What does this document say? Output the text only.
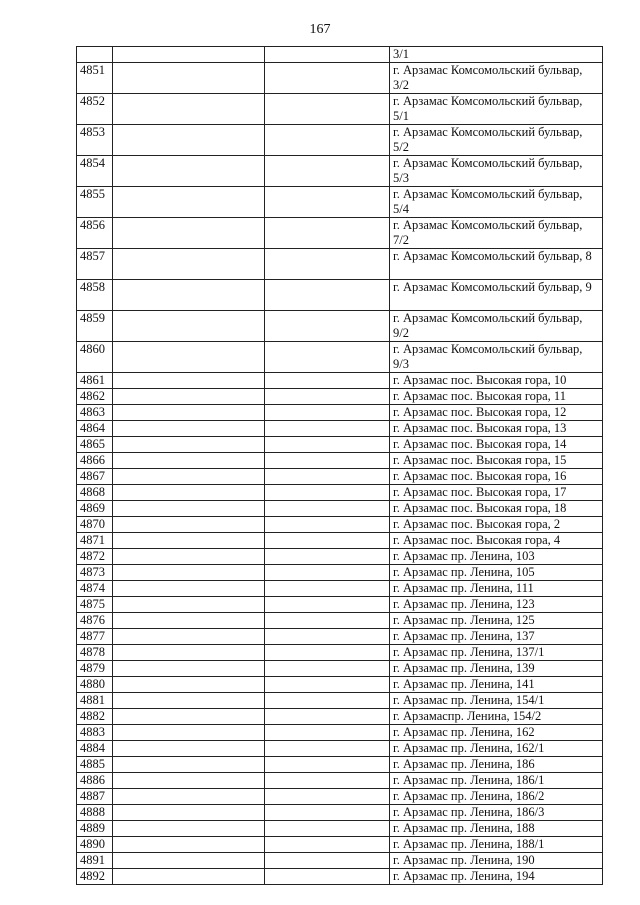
167
			3/1
4851			г. Арзамас Комсомольский бульвар, 3/2
4852			г. Арзамас Комсомольский бульвар, 5/1
4853			г. Арзамас Комсомольский бульвар, 5/2
4854			г. Арзамас Комсомольский бульвар, 5/3
4855			г. Арзамас Комсомольский бульвар, 5/4
4856			г. Арзамас Комсомольский бульвар, 7/2
4857			г. Арзамас Комсомольский бульвар, 8
4858			г. Арзамас Комсомольский бульвар, 9
4859			г. Арзамас Комсомольский бульвар, 9/2
4860			г. Арзамас Комсомольский бульвар, 9/3
4861			г. Арзамас пос. Высокая гора, 10
4862			г. Арзамас пос. Высокая гора, 11
4863			г. Арзамас пос. Высокая гора, 12
4864			г. Арзамас пос. Высокая гора, 13
4865			г. Арзамас пос. Высокая гора, 14
4866			г. Арзамас пос. Высокая гора, 15
4867			г. Арзамас пос. Высокая гора, 16
4868			г. Арзамас пос. Высокая гора, 17
4869			г. Арзамас пос. Высокая гора, 18
4870			г. Арзамас пос. Высокая гора, 2
4871			г. Арзамас пос. Высокая гора, 4
4872			г. Арзамас пр. Ленина, 103
4873			г. Арзамас пр. Ленина, 105
4874			г. Арзамас пр. Ленина, 111
4875			г. Арзамас пр. Ленина, 123
4876			г. Арзамас пр. Ленина, 125
4877			г. Арзамас пр. Ленина, 137
4878			г. Арзамас пр. Ленина, 137/1
4879			г. Арзамас пр. Ленина, 139
4880			г. Арзамас пр. Ленина, 141
4881			г. Арзамас пр. Ленина, 154/1
4882			г. Арзамаспр. Ленина, 154/2
4883			г. Арзамас пр. Ленина, 162
4884			г. Арзамас пр. Ленина, 162/1
4885			г. Арзамас пр. Ленина, 186
4886			г. Арзамас пр. Ленина, 186/1
4887			г. Арзамас пр. Ленина, 186/2
4888			г. Арзамас пр. Ленина, 186/3
4889			г. Арзамас пр. Ленина, 188
4890			г. Арзамас пр. Ленина, 188/1
4891			г. Арзамас пр. Ленина, 190
4892			г. Арзамас пр. Ленина, 194
